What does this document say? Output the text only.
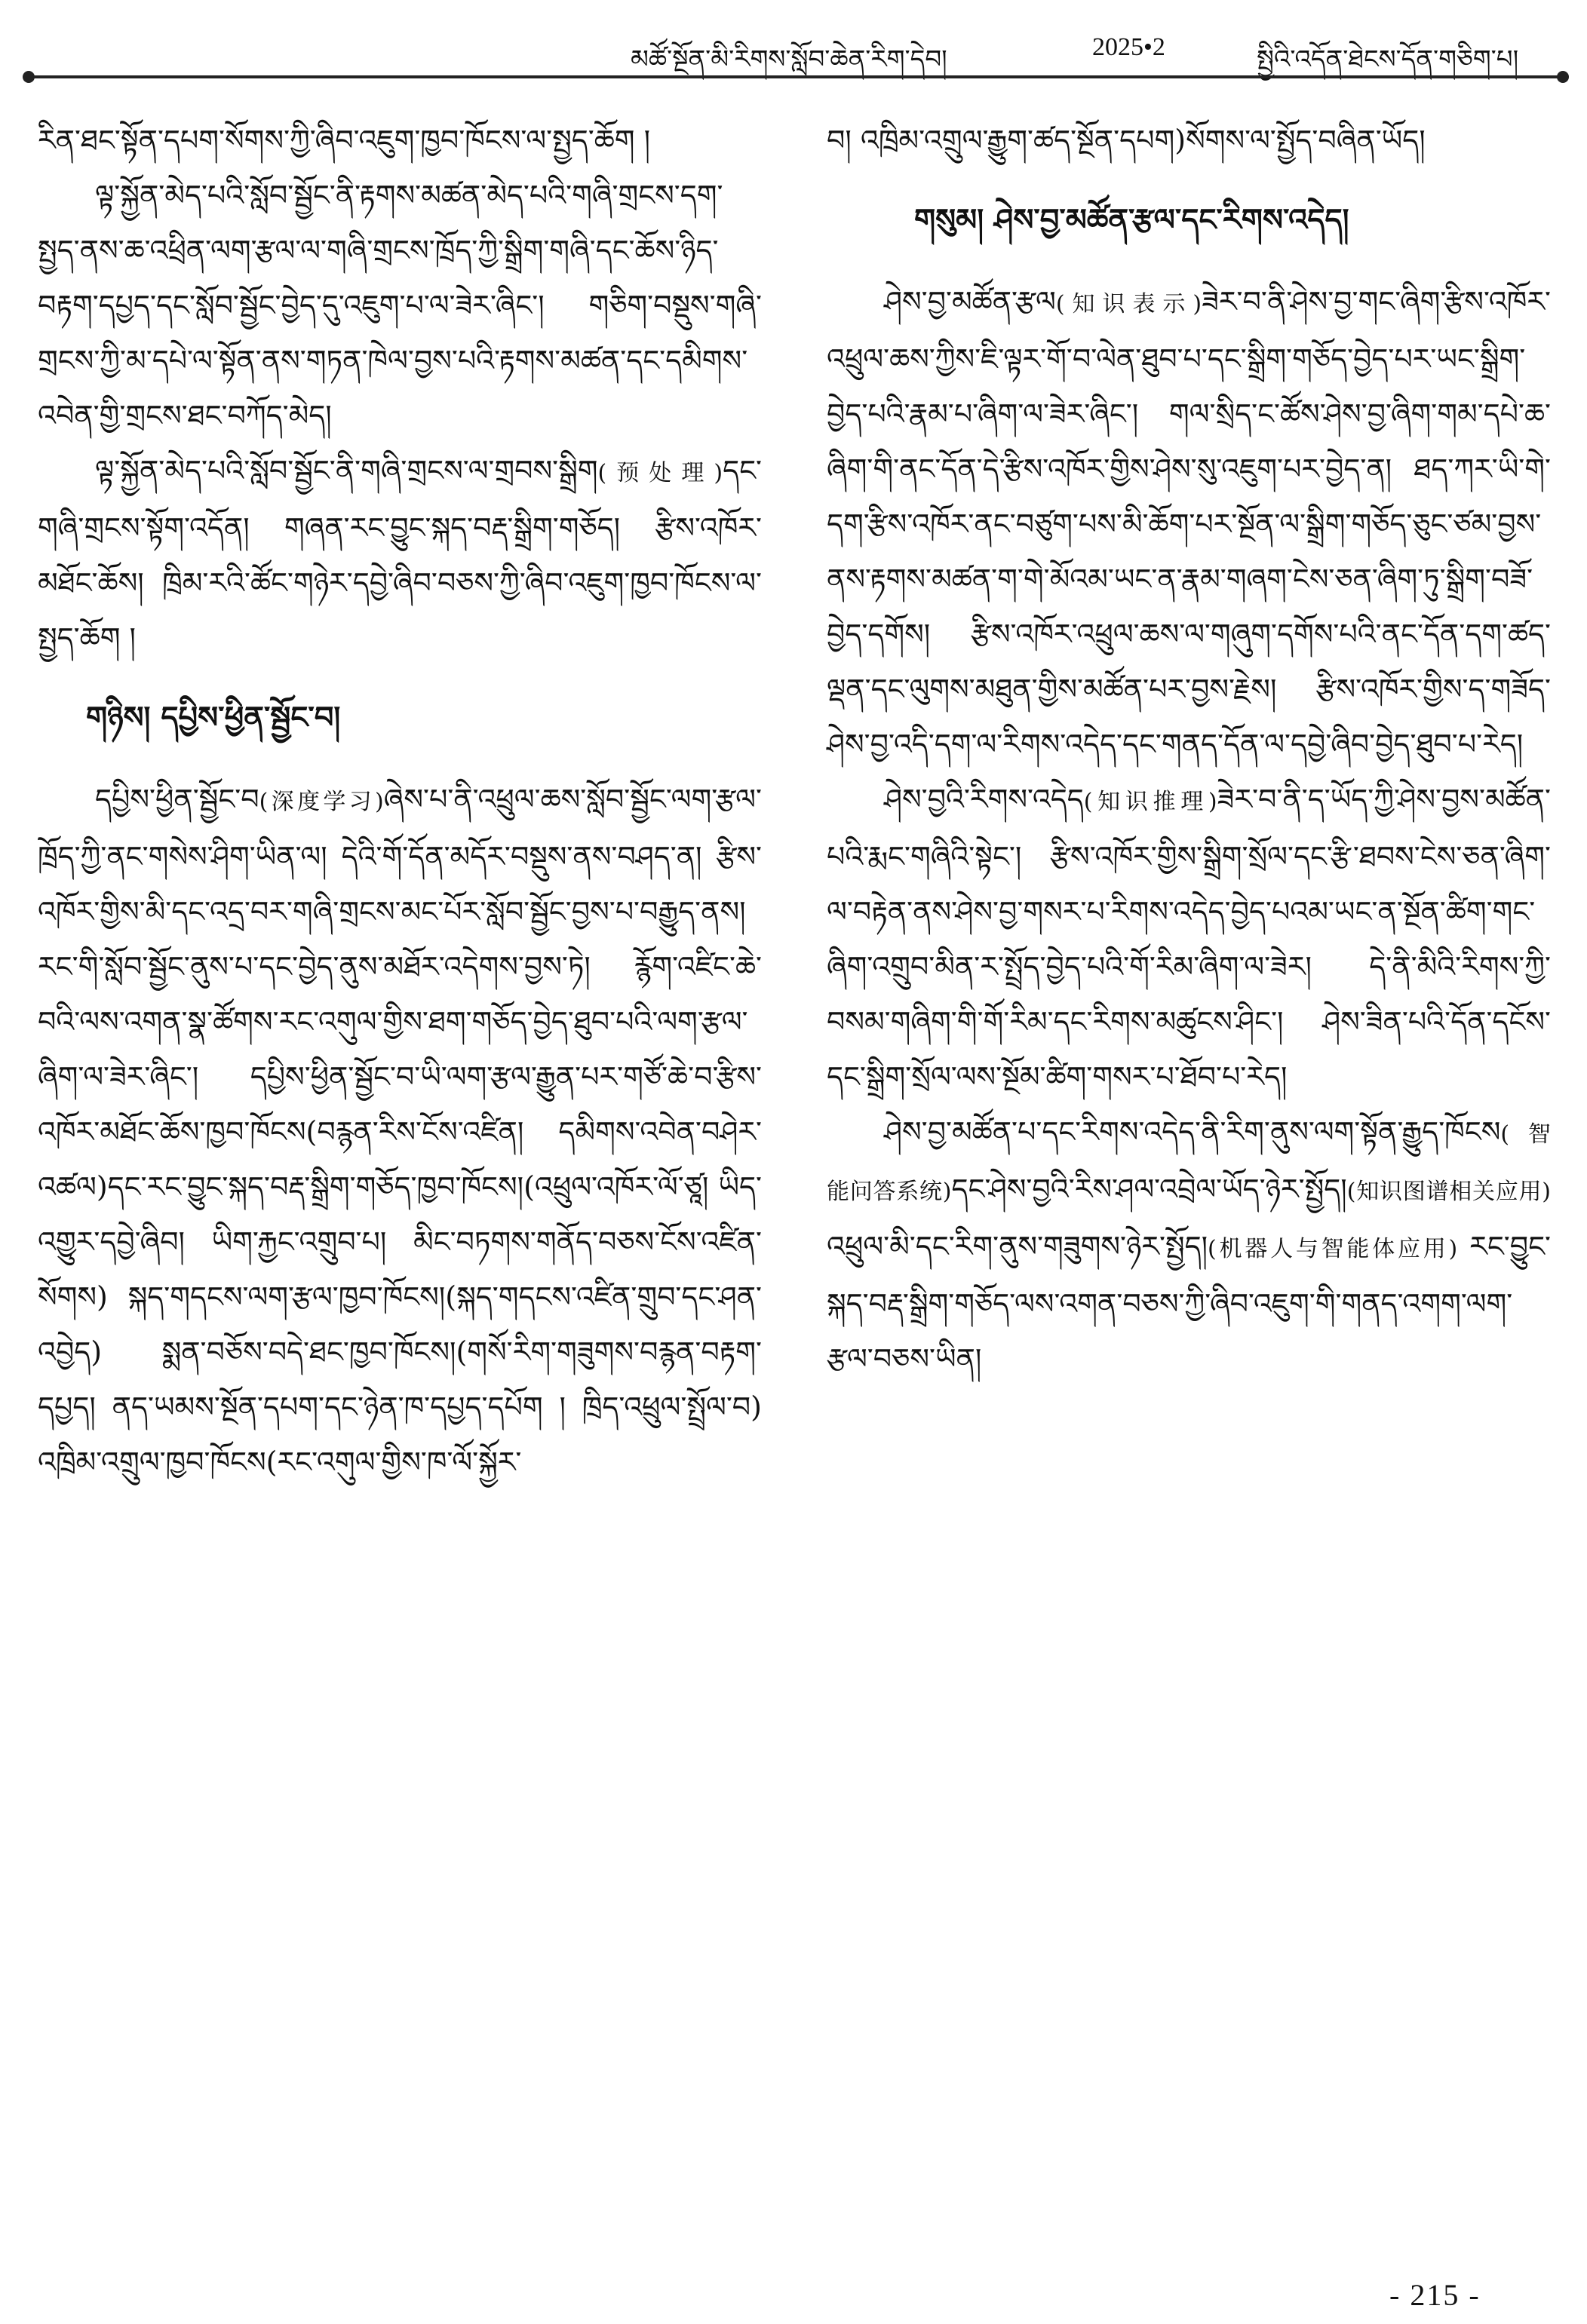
མཚོ་སྔོན་མི་རིགས་སློབ་ཆེན་རིག་དེབ།	2025•2	སྤྱིའི་འདོན་ཐེངས་དོན་གཅིག་པ།

རིན་ཐང་སྟོན་དཔག་སོགས་ཀྱི་ཞིབ་འཇུག་ཁྱབ་ཁོངས་ལ་སྤྱད་ཆོག །

ལྟ་སྐྱོན་མེད་པའི་སློབ་སྦྱོང་ནི་རྟགས་མཚན་མེད་པའི་གཞི་གྲངས་དག་སྤྱད་ནས་ཆ་འཕྲིན་ལག་རྩལ་ལ་གཞི་གྲངས་ཁྲོད་ཀྱི་སྒྲིག་གཞི་དང་ཆོས་ཉིད་བརྟག་དཔྱད་དང་སློབ་སྦྱོང་བྱེད་དུ་འཇུག་པ་ལ་ཟེར་ཞིང་། གཅིག་བསྡུས་གཞི་གྲངས་ཀྱི་མ་དཔེ་ལ་སྟོན་ནས་གཏན་ཁེལ་བྱས་པའི་རྟགས་མཚན་དང་དམིགས་འབེན་གྱི་གྲངས་ཐང་བཀོད་མེད།

ལྟ་སྐྱོན་མེད་པའི་སློབ་སྦྱོང་ནི་གཞི་གྲངས་ལ་གྲབས་སྒྲིག(预处理)དང་གཞི་གྲངས་སྟོག་འདོན། གཞན་རང་བྱུང་སྐད་བརྡ་སྒྲིག་གཅོད། རྩིས་འཁོར་མཐོང་ཆོས། ཁྲིམ་རའི་ཚོང་གཉེར་དབྱེ་ཞིབ་བཅས་ཀྱི་ཞིབ་འཇུག་ཁྱབ་ཁོངས་ལ་སྤྱད་ཆོག །

གཉིས། དཔྱིས་ཕྱིན་སྦྱོང་བ།

དཔྱིས་ཕྱིན་སྦྱོང་བ(深度学习)ཞེས་པ་ནི་འཕྲུལ་ཆས་སློབ་སྦྱོང་ལག་རྩལ་ཁྲོད་ཀྱི་ནང་གསེས་ཤིག་ཡིན་ལ། དེའི་གོ་དོན་མདོར་བསྡུས་ནས་བཤད་ན། རྩིས་འཁོར་གྱིས་མི་དང་འདྲ་བར་གཞི་གྲངས་མང་པོར་སློབ་སྦྱོང་བྱས་པ་བརྒྱུད་ནས། རང་གི་སློབ་སྦྱོང་ནུས་པ་དང་བྱེད་ནུས་མཐོར་འདེགས་བྱས་ཏེ། རྙོག་འཛིང་ཆེ་བའི་ལས་འགན་སྣ་ཚོགས་རང་འགུལ་གྱིས་ཐག་གཅོད་བྱེད་ཐུབ་པའི་ལག་རྩལ་ཞིག་ལ་ཟེར་ཞིང་། དཔྱིས་ཕྱིན་སྦྱོང་བ་ཡི་ལག་རྩལ་རྒྱུན་པར་གཙོ་ཆེ་བ་རྩིས་འཁོར་མཐོང་ཆོས་ཁྱབ་ཁོངས(བརྙན་རིས་ངོས་འཛིན། དམིགས་འབེན་བཤེར་འཚལ)དང་རང་བྱུང་སྐད་བརྡ་སྒྲིག་གཅོད་ཁྱབ་ཁོངས།(འཕྲུལ་འཁོར་ལོ་ཙཱ། ཡིད་འགྱུར་དབྱེ་ཞིབ། ཡིག་རྐྱང་འགྲུབ་པ། མིང་བཏགས་གནོད་བཅས་ངོས་འཛིན་སོགས) སྐད་གདངས་ལག་རྩལ་ཁྱབ་ཁོངས།(སྐད་གདངས་འཛིན་གྲུབ་དང་ཤན་འབྱེད) སྨན་བཅོས་བདེ་ཐང་ཁྱབ་ཁོངས།(གསོ་རིག་གཟུགས་བརྙན་བརྟག་དཔྱད། ནད་ཡམས་སྔོན་དཔག་དང་ཉེན་ཁ་དཔྱད་དཔོག ། ཁྲིད་འཕྲུལ་སྤྲོལ་བ) འཁྲིམ་འགྲུལ་ཁྱབ་ཁོངས(རང་འགུལ་གྱིས་ཁ་ལོ་སྐྱོར་

བ། འཁྲིམ་འགྲུལ་རྒྱུག་ཚད་སྔོན་དཔག)སོགས་ལ་སྤྱོད་བཞིན་ཡོད།

གསུམ། ཤེས་བྱ་མཚོན་རྩལ་དང་རིགས་འདེད།

ཤེས་བྱ་མཚོན་རྩལ(知识表示)ཟེར་བ་ནི་ཤེས་བྱ་གང་ཞིག་རྩིས་འཁོར་འཕྲུལ་ཆས་ཀྱིས་ཇི་ལྟར་གོ་བ་ལེན་ཐུབ་པ་དང་སྒྲིག་གཅོད་བྱེད་པར་ཡང་སྒྲིག་བྱེད་པའི་རྣམ་པ་ཞིག་ལ་ཟེར་ཞིང་། གལ་སྲིད་ང་ཚོས་ཤེས་བྱ་ཞིག་གམ་དཔེ་ཆ་ཞིག་གི་ནང་དོན་དེ་རྩིས་འཁོར་གྱིས་ཤེས་སུ་འཇུག་པར་བྱེད་ན། ཐད་ཀར་ཡི་གེ་དག་རྩིས་འཁོར་ནང་བཙུག་པས་མི་ཆོག་པར་སྔོན་ལ་སྒྲིག་གཅོད་ཅུང་ཙམ་བྱས་ནས་རྟགས་མཚན་ག་གེ་མོའམ་ཡང་ན་རྣམ་གཞག་ངེས་ཅན་ཞིག་ཏུ་སྒྲིག་བཟོ་བྱེད་དགོས། རྩིས་འཁོར་འཕྲུལ་ཆས་ལ་གཞུག་དགོས་པའི་ནང་དོན་དག་ཚད་ལྡན་དང་ལུགས་མཐུན་གྱིས་མཚོན་པར་བྱས་རྗེས། རྩིས་འཁོར་གྱིས་ད་གཟོད་ཤེས་བྱ་འདི་དག་ལ་རིགས་འདེད་དང་གནད་དོན་ལ་དབྱེ་ཞིབ་བྱེད་ཐུབ་པ་རེད།

ཤེས་བྱའི་རིགས་འདེད(知识推理)ཟེར་བ་ནི་ད་ཡོད་ཀྱི་ཤེས་བྱས་མཚོན་པའི་རྨང་གཞིའི་སྟེང་། རྩིས་འཁོར་གྱིས་སྒྲིག་སྲོལ་དང་རྩི་ཐབས་ངེས་ཅན་ཞིག་ལ་བརྟེན་ནས་ཤེས་བྱ་གསར་པ་རིགས་འདེད་བྱེད་པའམ་ཡང་ན་སྔོན་ཚིག་གང་ཞིག་འགྲུབ་མིན་ར་སྤྲོད་བྱེད་པའི་གོ་རིམ་ཞིག་ལ་ཟེར། དེ་ནི་མིའི་རིགས་ཀྱི་བསམ་གཞིག་གི་གོ་རིམ་དང་རིགས་མཚུངས་ཤིང་། ཤེས་ཟིན་པའི་དོན་དངོས་དང་སྒྲིག་སྲོལ་ལས་སྔོམ་ཚིག་གསར་པ་ཐོབ་པ་རེད།

ཤེས་བྱ་མཚོན་པ་དང་རིགས་འདེད་ནི་རིག་ནུས་ལག་སྟོན་རྒྱུད་ཁོངས(智能问答系统)དང་ཤེས་བྱའི་རིས་ཤལ་འབྲེལ་ཡོད་ཉེར་སྤྱོད།(知识图谱相关应用) འཕྲུལ་མི་དང་རིག་ནུས་གཟུགས་ཉེར་སྤྱོད།(机器人与智能体应用) རང་བྱུང་སྐད་བརྡ་སྒྲིག་གཅོད་ལས་འགན་བཅས་ཀྱི་ཞིབ་འཇུག་གི་གནད་འགག་ལག་རྩལ་བཅས་ཡིན།

- 215 -
